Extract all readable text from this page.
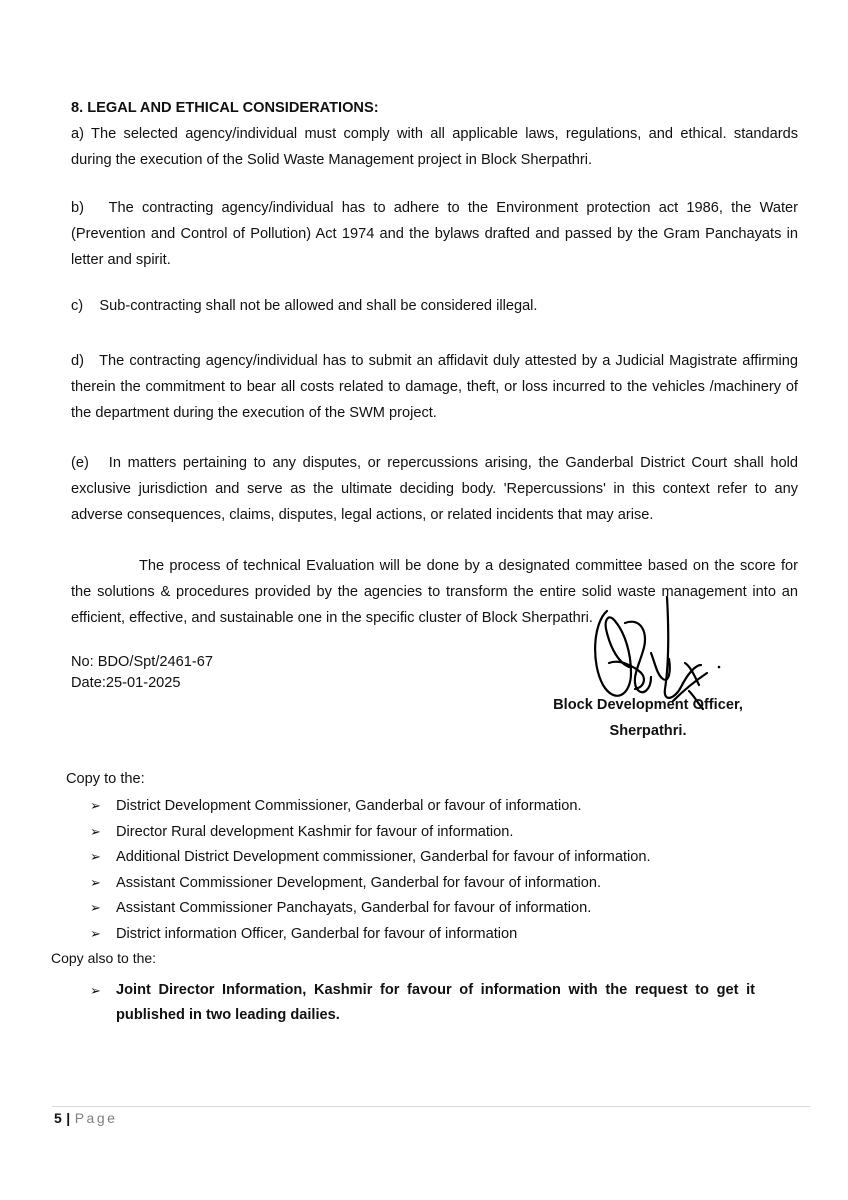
8. LEGAL AND ETHICAL CONSIDERATIONS:

a) The selected agency/individual must comply with all applicable laws, regulations, and ethical. standards during the execution of the Solid Waste Management project in Block Sherpathri.

b) The contracting agency/individual has to adhere to the Environment protection act 1986, the Water (Prevention and Control of Pollution) Act 1974 and the bylaws drafted and passed by the Gram Panchayats in letter and spirit.

c) Sub-contracting shall not be allowed and shall be considered illegal.

d) The contracting agency/individual has to submit an affidavit duly attested by a Judicial Magistrate affirming therein the commitment to bear all costs related to damage, theft, or loss incurred to the vehicles /machinery of the department during the execution of the SWM project.

(e) In matters pertaining to any disputes, or repercussions arising, the Ganderbal District Court shall hold exclusive jurisdiction and serve as the ultimate deciding body. 'Repercussions' in this context refer to any adverse consequences, claims, disputes, legal actions, or related incidents that may arise.

The process of technical Evaluation will be done by a designated committee based on the score for the solutions & procedures provided by the agencies to transform the entire solid waste management into an efficient, effective, and sustainable one in the specific cluster of Block Sherpathri.

No: BDO/Spt/2461-67
Date:25-01-2025
Block Development Officer,
Sherpathri.
Copy to the:
➢ District Development Commissioner, Ganderbal or favour of information.
➢ Director Rural development Kashmir for favour of information.
➢ Additional District Development commissioner, Ganderbal for favour of information.
➢ Assistant Commissioner Development, Ganderbal for favour of information.
➢ Assistant Commissioner Panchayats, Ganderbal for favour of information.
➢ District information Officer, Ganderbal for favour of information
Copy also to the:
➢	Joint Director Information, Kashmir for favour of information with the request to get it
published in two leading dailies.
5 | Page
